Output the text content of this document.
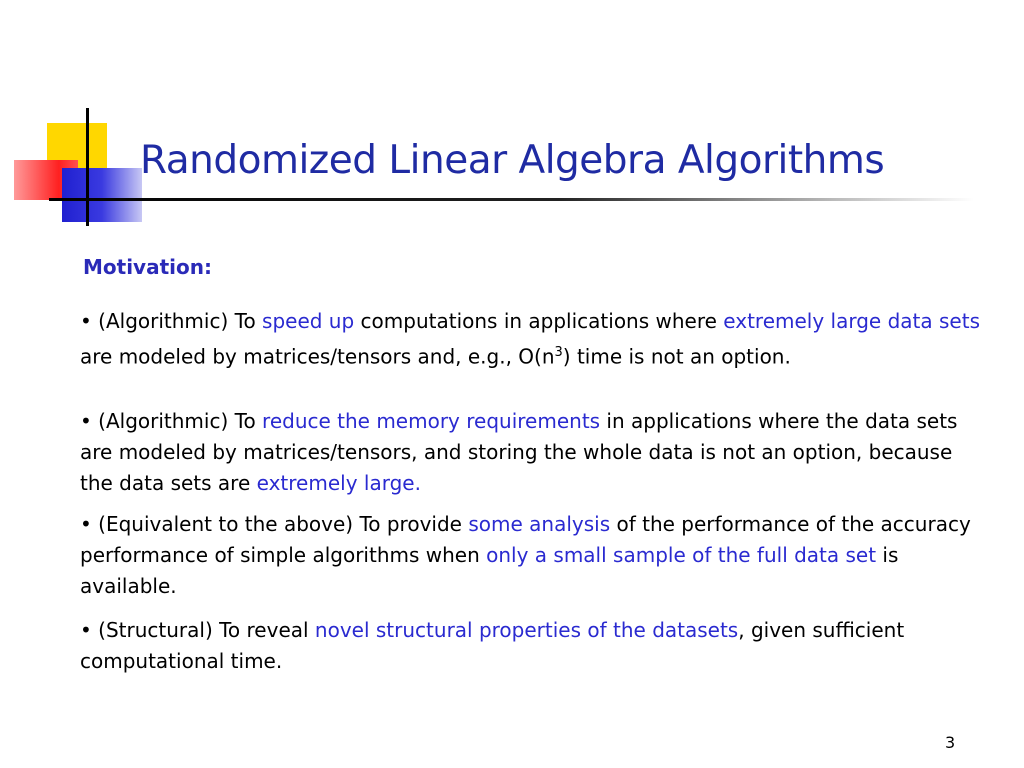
Randomized Linear Algebra Algorithms
Motivation:

• (Algorithmic) To speed up computations in applications where extremely large data sets are modeled by matrices/tensors and, e.g., $O(n^3)$ time is not an option.

• (Algorithmic) To reduce the memory requirements in applications where the data sets are modeled by matrices/tensors, and storing the whole data is not an option, because the data sets are extremely large.

• (Equivalent to the above) To provide some analysis of the performance of the accuracy performance of simple algorithms when only a small sample of the full data set is available.

• (Structural) To reveal novel structural properties of the datasets, given sufficient computational time.

3
